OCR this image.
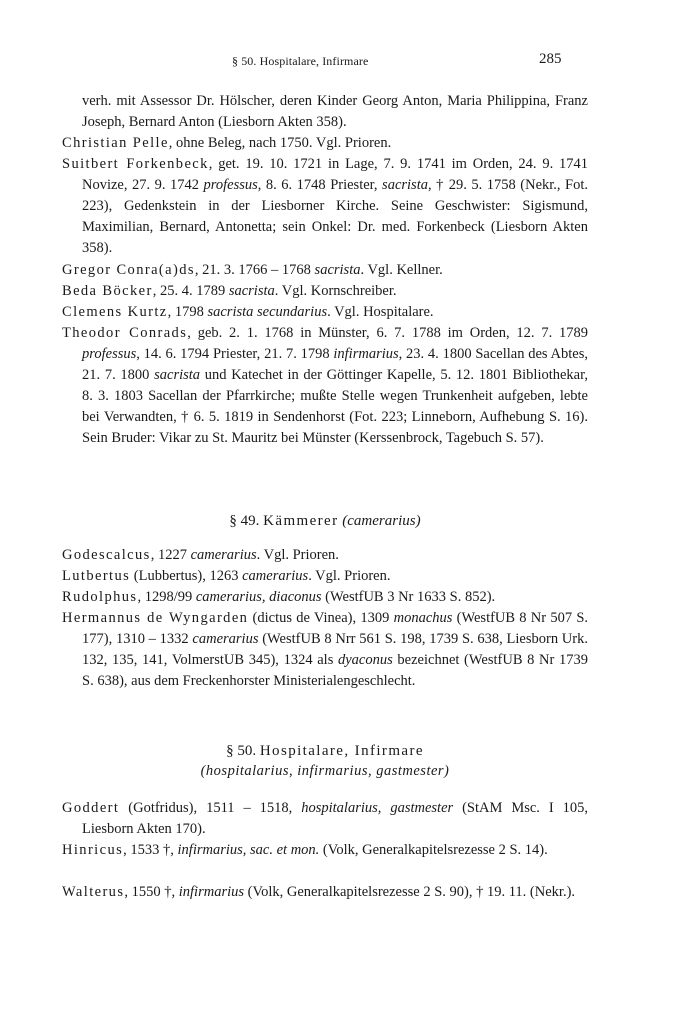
§ 50. Hospitalare, Infirmare	285
verh. mit Assessor Dr. Hölscher, deren Kinder Georg Anton, Maria Philippina, Franz Joseph, Bernard Anton (Liesborn Akten 358).
Christian Pelle, ohne Beleg, nach 1750. Vgl. Prioren.
Suitbert Forkenbeck, get. 19. 10. 1721 in Lage, 7. 9. 1741 im Orden, 24. 9. 1741 Novize, 27. 9. 1742 professus, 8. 6. 1748 Priester, sacrista, † 29. 5. 1758 (Nekr., Fot. 223), Gedenkstein in der Liesborner Kirche. Seine Geschwister: Sigismund, Maximilian, Bernard, Antonetta; sein Onkel: Dr. med. Forkenbeck (Liesborn Akten 358).
Gregor Conra(a)ds, 21. 3. 1766 – 1768 sacrista. Vgl. Kellner.
Beda Böcker, 25. 4. 1789 sacrista. Vgl. Kornschreiber.
Clemens Kurtz, 1798 sacrista secundarius. Vgl. Hospitalare.
Theodor Conrads, geb. 2. 1. 1768 in Münster, 6. 7. 1788 im Orden, 12. 7. 1789 professus, 14. 6. 1794 Priester, 21. 7. 1798 infirmarius, 23. 4. 1800 Sacellan des Abtes, 21. 7. 1800 sacrista und Katechet in der Göttinger Kapelle, 5. 12. 1801 Bibliothekar, 8. 3. 1803 Sacellan der Pfarrkirche; mußte Stelle wegen Trunkenheit aufgeben, lebte bei Verwandten, † 6. 5. 1819 in Sendenhorst (Fot. 223; Linneborn, Aufhebung S. 16). Sein Bruder: Vikar zu St. Mauritz bei Münster (Kerssenbrock, Tagebuch S. 57).
§ 49. Kämmerer (camerarius)
Godescalcus, 1227 camerarius. Vgl. Prioren.
Lutbertus (Lubbertus), 1263 camerarius. Vgl. Prioren.
Rudolphus, 1298/99 camerarius, diaconus (WestfUB 3 Nr 1633 S. 852).
Hermannus de Wyngarden (dictus de Vinea), 1309 monachus (WestfUB 8 Nr 507 S. 177), 1310 – 1332 camerarius (WestfUB 8 Nrr 561 S. 198, 1739 S. 638, Liesborn Urk. 132, 135, 141, VolmerstUB 345), 1324 als dyaconus bezeichnet (WestfUB 8 Nr 1739 S. 638), aus dem Freckenhorster Ministerialengeschlecht.
§ 50. Hospitalare, Infirmare
(hospitalarius, infirmarius, gastmester)
Goddert (Gotfridus), 1511 – 1518, hospitalarius, gastmester (StAM Msc. I 105, Liesborn Akten 170).
Hinricus, 1533 †, infirmarius, sac. et mon. (Volk, Generalkapitelsrezesse 2 S. 14).
Walterus, 1550 †, infirmarius (Volk, Generalkapitelsrezesse 2 S. 90), † 19. 11. (Nekr.).
